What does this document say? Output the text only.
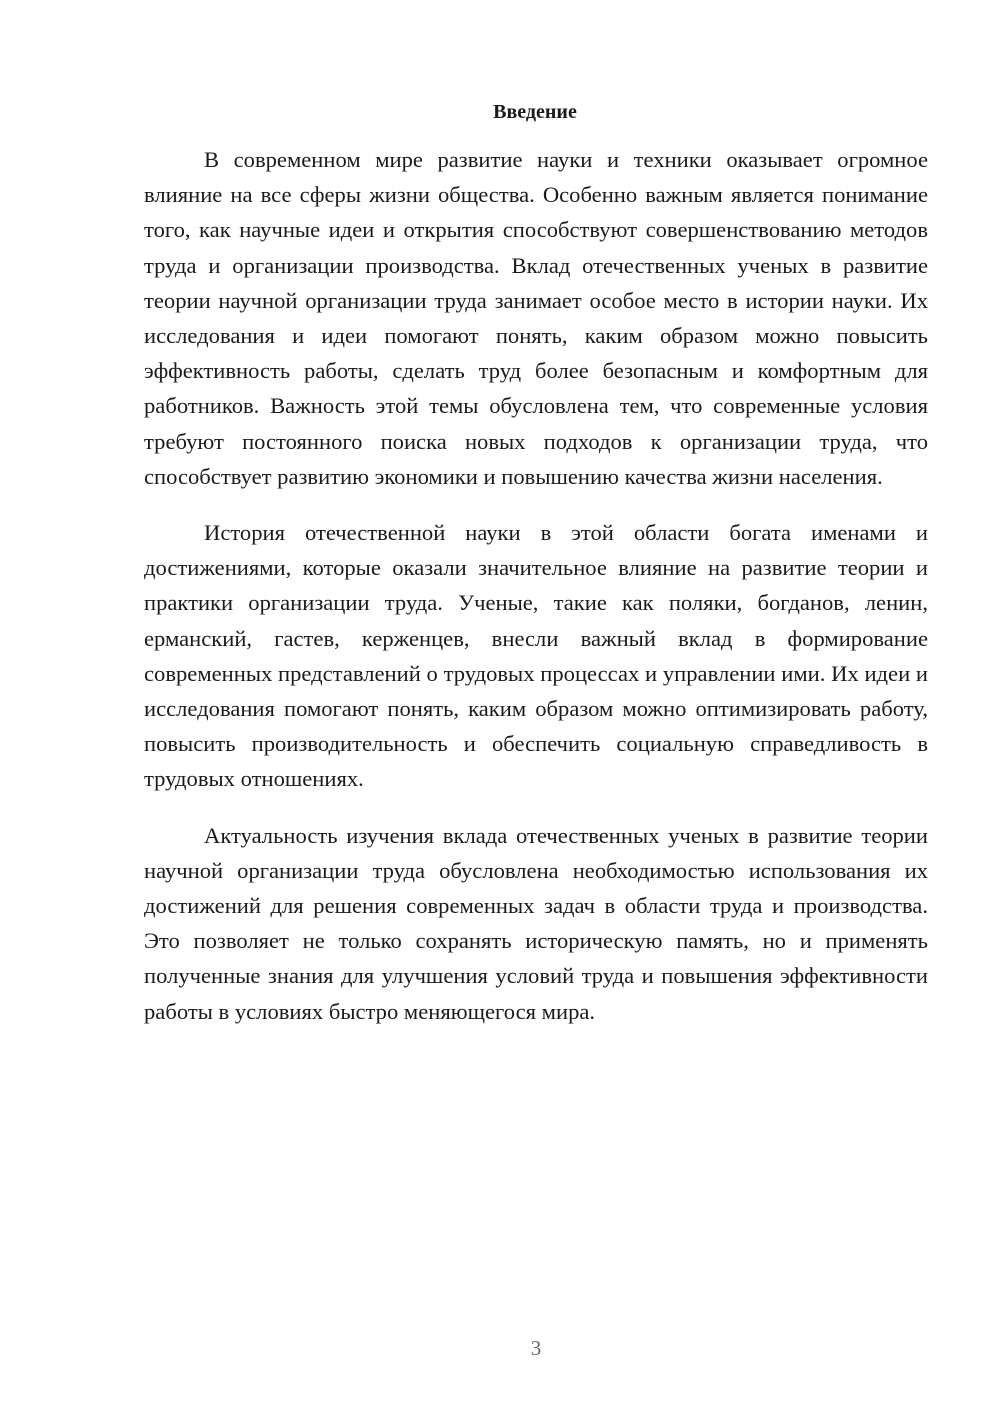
Введение

В современном мире развитие науки и техники оказывает огромное влияние на все сферы жизни общества. Особенно важным является понимание того, как научные идеи и открытия способствуют совершенствованию методов труда и организации производства. Вклад отечественных ученых в развитие теории научной организации труда занимает особое место в истории науки. Их исследования и идеи помогают понять, каким образом можно повысить эффективность работы, сделать труд более безопасным и комфортным для работников. Важность этой темы обусловлена тем, что современные условия требуют постоянного поиска новых подходов к организации труда, что способствует развитию экономики и повышению качества жизни населения.

История отечественной науки в этой области богата именами и достижениями, которые оказали значительное влияние на развитие теории и практики организации труда. Ученые, такие как поляки, богданов, ленин, ерманский, гастев, керженцев, внесли важный вклад в формирование современных представлений о трудовых процессах и управлении ими. Их идеи и исследования помогают понять, каким образом можно оптимизировать работу, повысить производительность и обеспечить социальную справедливость в трудовых отношениях.

Актуальность изучения вклада отечественных ученых в развитие теории научной организации труда обусловлена необходимостью использования их достижений для решения современных задач в области труда и производства. Это позволяет не только сохранять историческую память, но и применять полученные знания для улучшения условий труда и повышения эффективности работы в условиях быстро меняющегося мира.

3
